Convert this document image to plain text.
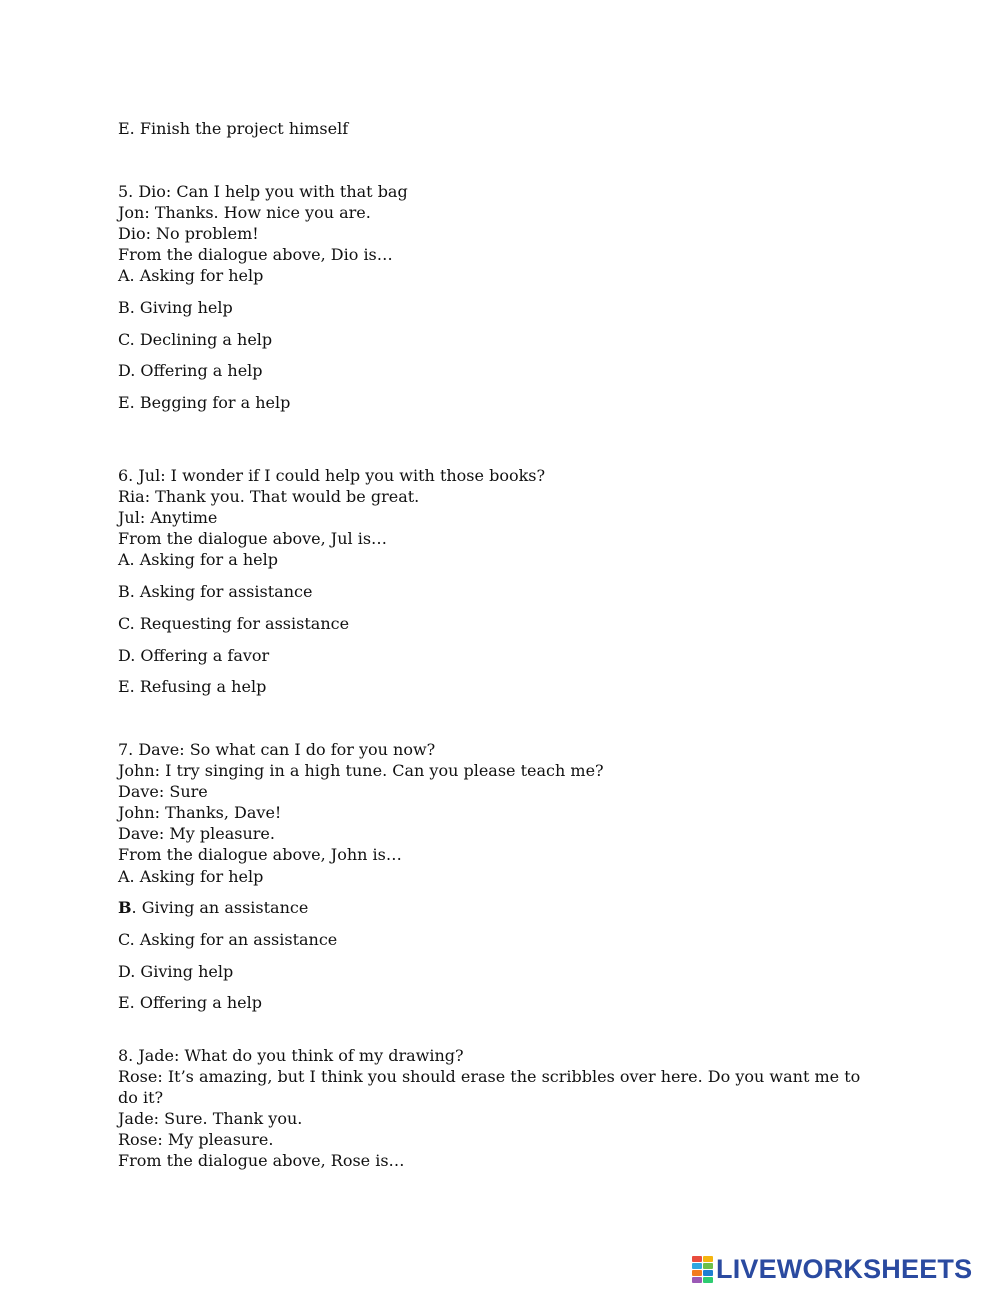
E. Finish the project himself
5. Dio: Can I help you with that bag
Jon: Thanks. How nice you are.
Dio: No problem!
From the dialogue above, Dio is…
A. Asking for help
B. Giving help
C. Declining a help
D. Offering a help
E. Begging for a help
6. Jul: I wonder if I could help you with those books?
Ria: Thank you. That would be great.
Jul: Anytime
From the dialogue above, Jul is…
A. Asking for a help
B. Asking for assistance
C. Requesting for assistance
D. Offering a favor
E. Refusing a help
7. Dave: So what can I do for you now?
John: I try singing in a high tune. Can you please teach me?
Dave: Sure
John: Thanks, Dave!
Dave: My pleasure.
From the dialogue above, John is…
A. Asking for help
B. Giving an assistance
C. Asking for an assistance
D. Giving help
E. Offering a help
8. Jade: What do you think of my drawing?
Rose: It’s amazing, but I think you should erase the scribbles over here. Do you want me to
do it?
Jade: Sure. Thank you.
Rose: My pleasure.
From the dialogue above, Rose is…
LIVEWORKSHEETS
